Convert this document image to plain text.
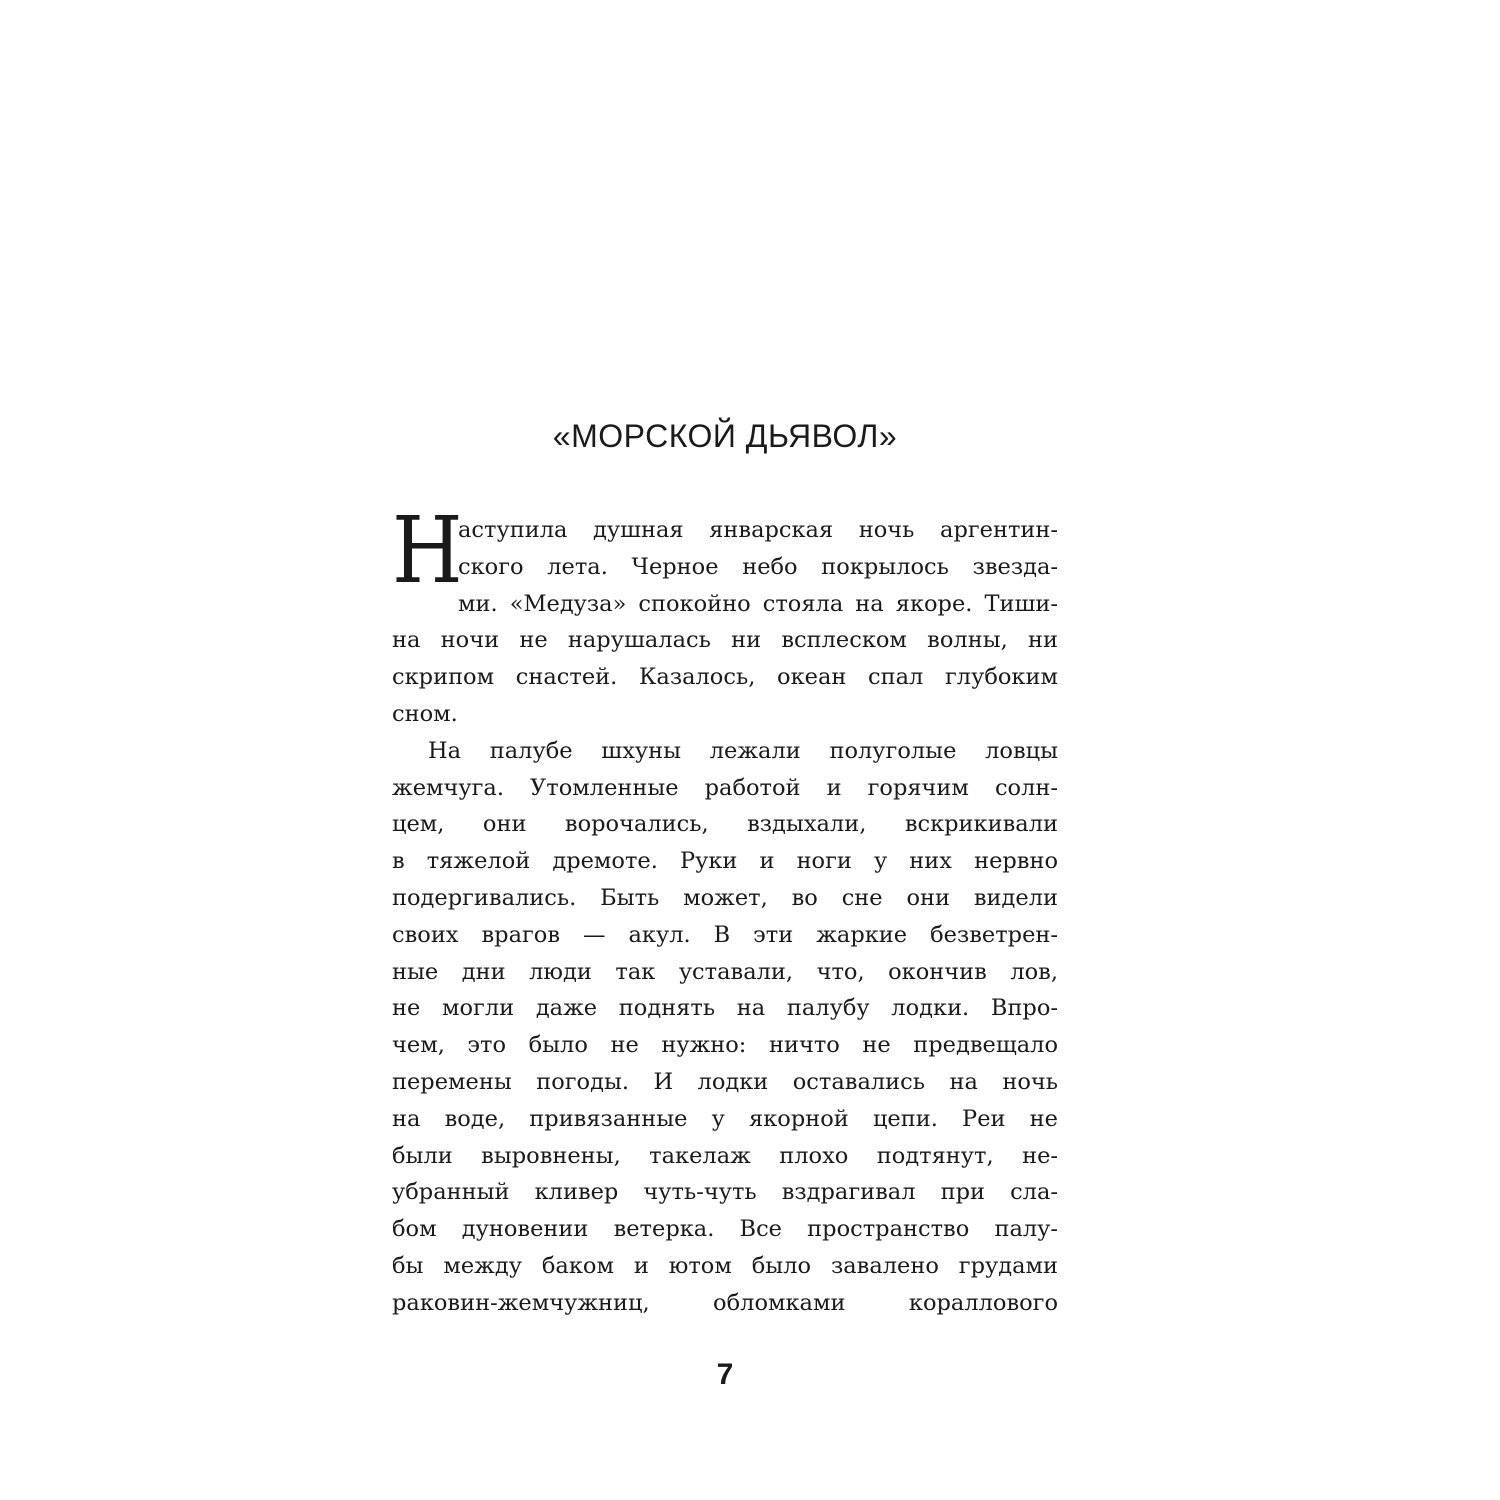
«МОРСКОЙ ДЬЯВОЛ»
Н
аступила душная январская ночь аргентин-
ского лета. Черное небо покрылось звезда-
ми. «Медуза» спокойно стояла на якоре. Тиши-
на ночи не нарушалась ни всплеском волны, ни
скрипом снастей. Казалось, океан спал глубоким
сном.
На палубе шхуны лежали полуголые ловцы
жемчуга. Утомленные работой и горячим солн-
цем, они ворочались, вздыхали, вскрикивали
в тяжелой дремоте. Руки и ноги у них нервно
подергивались. Быть может, во сне они видели
своих врагов — акул. В эти жаркие безветрен-
ные дни люди так уставали, что, окончив лов,
не могли даже поднять на палубу лодки. Впро-
чем, это было не нужно: ничто не предвещало
перемены погоды. И лодки оставались на ночь
на воде, привязанные у якорной цепи. Реи не
были выровнены, такелаж плохо подтянут, не-
убранный кливер чуть-чуть вздрагивал при сла-
бом дуновении ветерка. Все пространство палу-
бы между баком и ютом было завалено грудами
раковин-жемчужниц, обломками кораллового
7
